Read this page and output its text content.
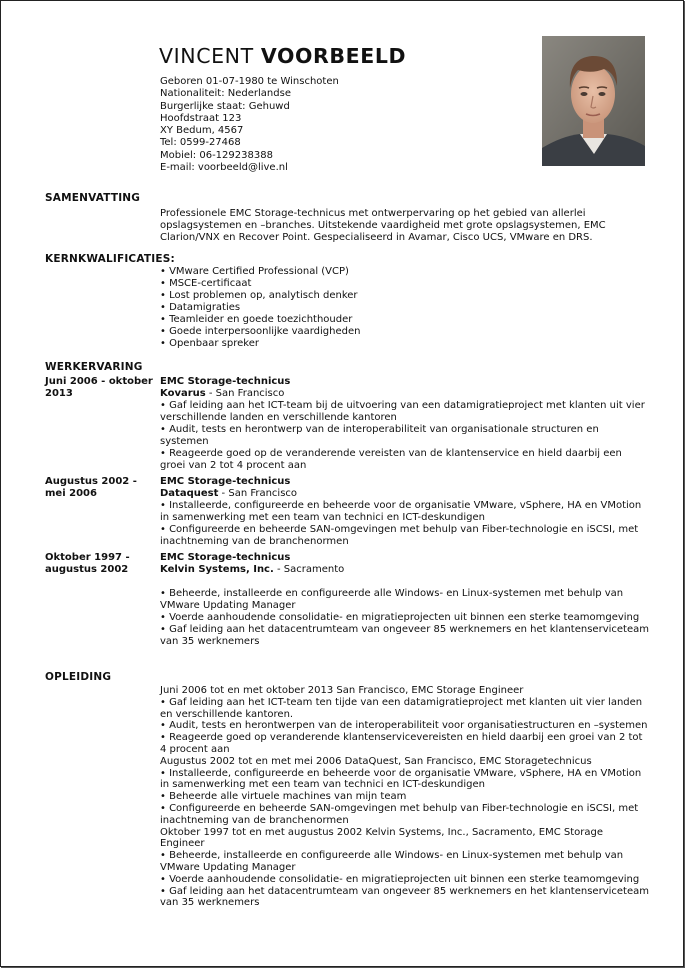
VINCENT VOORBEELD
Geboren 01-07-1980 te Winschoten
Nationaliteit: Nederlandse
Burgerlijke staat: Gehuwd
Hoofdstraat 123
XY Bedum, 4567
Tel: 0599-27468
Mobiel: 06-129238388
E-mail: voorbeeld@live.nl
SAMENVATTING
Professionele EMC Storage-technicus met ontwerpervaring op het gebied van allerlei opslagsystemen en –branches. Uitstekende vaardigheid met grote opslagsystemen, EMC Clarion/VNX en Recover Point. Gespecialiseerd in Avamar, Cisco UCS, VMware en DRS.
KERNKWALIFICATIES:
• VMware Certified Professional (VCP)
• MSCE-certificaat
• Lost problemen op, analytisch denker
• Datamigraties
• Teamleider en goede toezichthouder
• Goede interpersoonlijke vaardigheden
• Openbaar spreker
WERKERVARING
Juni 2006 - oktober 2013
EMC Storage-technicus
Kovarus - San Francisco
• Gaf leiding aan het ICT-team bij de uitvoering van een datamigratieproject met klanten uit vier verschillende landen en verschillende kantoren
• Audit, tests en herontwerp van de interoperabiliteit van organisationale structuren en systemen
• Reageerde goed op de veranderende vereisten van de klantenservice en hield daarbij een groei van 2 tot 4 procent aan
Augustus 2002 - mei 2006
EMC Storage-technicus
Dataquest - San Francisco
• Installeerde, configureerde en beheerde voor de organisatie VMware, vSphere, HA en VMotion in samenwerking met een team van technici en ICT-deskundigen
• Configureerde en beheerde SAN-omgevingen met behulp van Fiber-technologie en iSCSI, met inachtneming van de branchenormen
Oktober 1997 - augustus 2002
EMC Storage-technicus
Kelvin Systems, Inc. - Sacramento
• Beheerde, installeerde en configureerde alle Windows- en Linux-systemen met behulp van VMware Updating Manager
• Voerde aanhoudende consolidatie- en migratieprojecten uit binnen een sterke teamomgeving
• Gaf leiding aan het datacentrumteam van ongeveer 85 werknemers en het klantenserviceteam van 35 werknemers
OPLEIDING
Juni 2006 tot en met oktober 2013 San Francisco, EMC Storage Engineer
• Gaf leiding aan het ICT-team ten tijde van een datamigratieproject met klanten uit vier landen en verschillende kantoren.
• Audit, tests en herontwerpen van de interoperabiliteit voor organisatiestructuren en –systemen
• Reageerde goed op veranderende klantenservicevereisten en hield daarbij een groei van 2 tot 4 procent aan
Augustus 2002 tot en met mei 2006 DataQuest, San Francisco, EMC Storagetechnicus
• Installeerde, configureerde en beheerde voor de organisatie VMware, vSphere, HA en VMotion in samenwerking met een team van technici en ICT-deskundigen
• Beheerde alle virtuele machines van mijn team
• Configureerde en beheerde SAN-omgevingen met behulp van Fiber-technologie en iSCSI, met inachtneming van de branchenormen
Oktober 1997 tot en met augustus 2002 Kelvin Systems, Inc., Sacramento, EMC Storage Engineer
• Beheerde, installeerde en configureerde alle Windows- en Linux-systemen met behulp van VMware Updating Manager
• Voerde aanhoudende consolidatie- en migratieprojecten uit binnen een sterke teamomgeving
• Gaf leiding aan het datacentrumteam van ongeveer 85 werknemers en het klantenserviceteam van 35 werknemers
